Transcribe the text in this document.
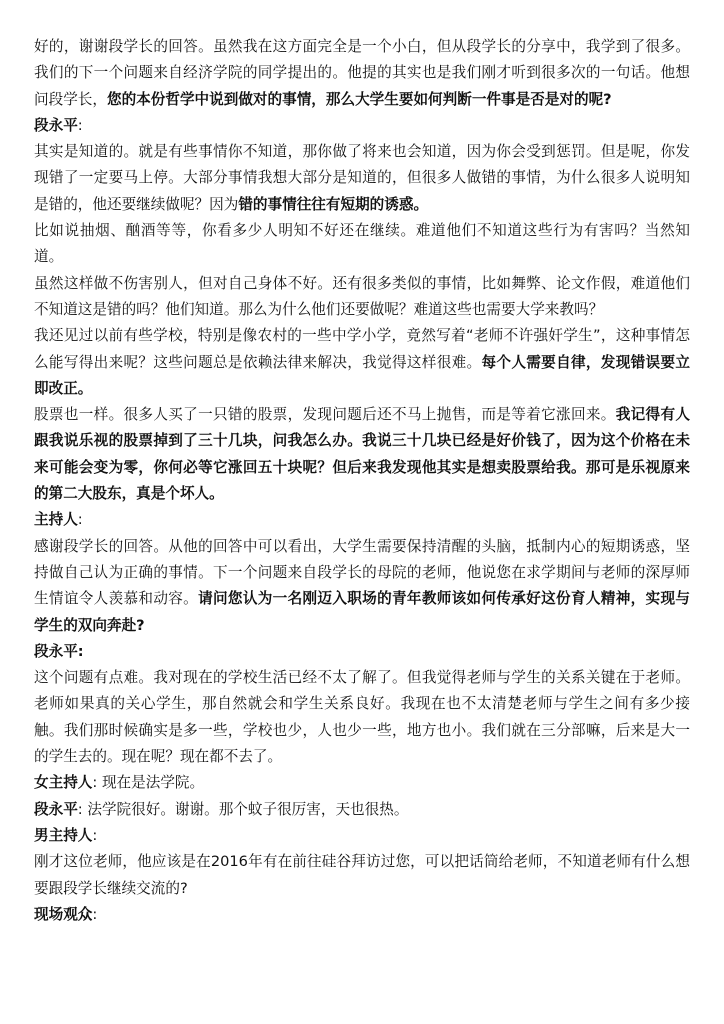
好的，谢谢段学长的回答。虽然我在这方面完全是一个小白，但从段学长的分享中，我学到了很多。我们的下一个问题来自经济学院的同学提出的。他提的其实也是我们刚才听到很多次的一句话。他想问段学长，您的本份哲学中说到做对的事情，那么大学生要如何判断一件事是否是对的呢?

段永平:

其实是知道的。就是有些事情你不知道，那你做了将来也会知道，因为你会受到惩罚。但是呢，你发现错了一定要马上停。大部分事情我想大部分是知道的，但很多人做错的事情，为什么很多人说明知是错的，他还要继续做呢？因为错的事情往往有短期的诱惑。

比如说抽烟、酗酒等等，你看多少人明知不好还在继续。难道他们不知道这些行为有害吗？当然知道。

虽然这样做不伤害别人，但对自己身体不好。还有很多类似的事情，比如舞弊、论文作假，难道他们不知道这是错的吗？他们知道。那么为什么他们还要做呢？难道这些也需要大学来教吗？

我还见过以前有些学校，特别是像农村的一些中学小学，竟然写着“老师不许强奸学生”，这种事情怎么能写得出来呢？这些问题总是依赖法律来解决，我觉得这样很难。每个人需要自律，发现错误要立即改正。

股票也一样。很多人买了一只错的股票，发现问题后还不马上抛售，而是等着它涨回来。我记得有人跟我说乐视的股票掉到了三十几块，问我怎么办。我说三十几块已经是好价钱了，因为这个价格在未来可能会变为零，你何必等它涨回五十块呢？但后来我发现他其实是想卖股票给我。那可是乐视原来的第二大股东，真是个坏人。

主持人:

感谢段学长的回答。从他的回答中可以看出，大学生需要保持清醒的头脑，抵制内心的短期诱惑，坚持做自己认为正确的事情。下一个问题来自段学长的母院的老师，他说您在求学期间与老师的深厚师生情谊令人羡慕和动容。请问您认为一名刚迈入职场的青年教师该如何传承好这份育人精神，实现与学生的双向奔赴?

段永平:

这个问题有点难。我对现在的学校生活已经不太了解了。但我觉得老师与学生的关系关键在于老师。老师如果真的关心学生，那自然就会和学生关系良好。我现在也不太清楚老师与学生之间有多少接触。我们那时候确实是多一些，学校也少，人也少一些，地方也小。我们就在三分部嘛，后来是大一的学生去的。现在呢？现在都不去了。

女主持人: 现在是法学院。

段永平: 法学院很好。谢谢。那个蚊子很厉害，天也很热。

男主持人:

刚才这位老师，他应该是在2016年有在前往硅谷拜访过您，可以把话筒给老师，不知道老师有什么想要跟段学长继续交流的?

现场观众:
